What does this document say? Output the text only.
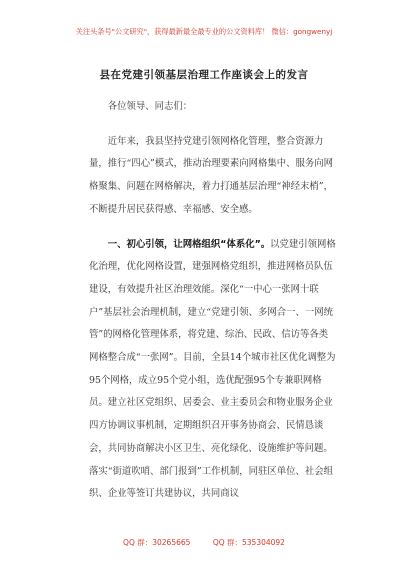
关注头条号"公文研究"，获得最新最全最专业的公文资料库！ 微信：gongwenyj
县在党建引领基层治理工作座谈会上的发言

各位领导、同志们：

近年来，我县坚持党建引领网格化管理，整合资源力量，推行“四心”模式，推动治理要素向网格集中、服务向网格聚集、问题在网格解决，着力打通基层治理“神经末梢”，不断提升居民获得感、幸福感、安全感。

一、初心引领，让网格组织“体系化”。以党建引领网格化治理，优化网格设置，建强网格党组织，推进网格员队伍建设，有效提升社区治理效能。深化“一中心一张网十联户”基层社会治理机制，建立“党建引领、多网合一、一网统管”的网格化管理体系，将党建、综治、民政、信访等各类网格整合成“一张网”。目前，全县14个城市社区优化调整为95个网格，成立95个党小组，选优配强95个专兼职网格员。建立社区党组织、居委会、业主委员会和物业服务企业四方协调议事机制，定期组织召开事务协商会、民情恳谈会，共同协商解决小区卫生、亮化绿化、设施维护等问题。落实“街道吹哨、部门报到”工作机制，同驻区单位、社会组织、企业等签订共建协议，共同商议

QQ 群：30265665	QQ 群：535304092
